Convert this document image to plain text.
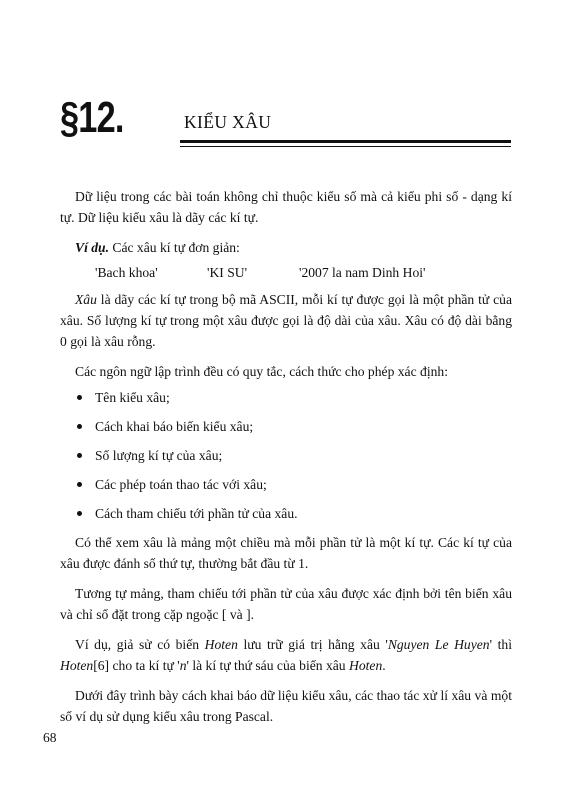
§12.	KIỂU XÂU

Dữ liệu trong các bài toán không chỉ thuộc kiểu số mà cả kiểu phi số - dạng kí tự. Dữ liệu kiểu xâu là dãy các kí tự.

Ví dụ. Các xâu kí tự đơn giản:

'Bach khoa'	'KI SU'	'2007 la nam Dinh Hoi'

Xâu là dãy các kí tự trong bộ mã ASCII, mỗi kí tự được gọi là một phần tử của xâu. Số lượng kí tự trong một xâu được gọi là độ dài của xâu. Xâu có độ dài bằng 0 gọi là xâu rỗng.

Các ngôn ngữ lập trình đều có quy tắc, cách thức cho phép xác định:

Tên kiểu xâu;
Cách khai báo biến kiểu xâu;
Số lượng kí tự của xâu;
Các phép toán thao tác với xâu;
Cách tham chiếu tới phần tử của xâu.

Có thể xem xâu là mảng một chiều mà mỗi phần tử là một kí tự. Các kí tự của xâu được đánh số thứ tự, thường bắt đầu từ 1.

Tương tự mảng, tham chiếu tới phần tử của xâu được xác định bởi tên biến xâu và chỉ số đặt trong cặp ngoặc [ và ].

Ví dụ, giả sử có biến Hoten lưu trữ giá trị hằng xâu 'Nguyen Le Huyen' thì Hoten[6] cho ta kí tự 'n' là kí tự thứ sáu của biến xâu Hoten.

Dưới đây trình bày cách khai báo dữ liệu kiểu xâu, các thao tác xử lí xâu và một số ví dụ sử dụng kiểu xâu trong Pascal.

68
